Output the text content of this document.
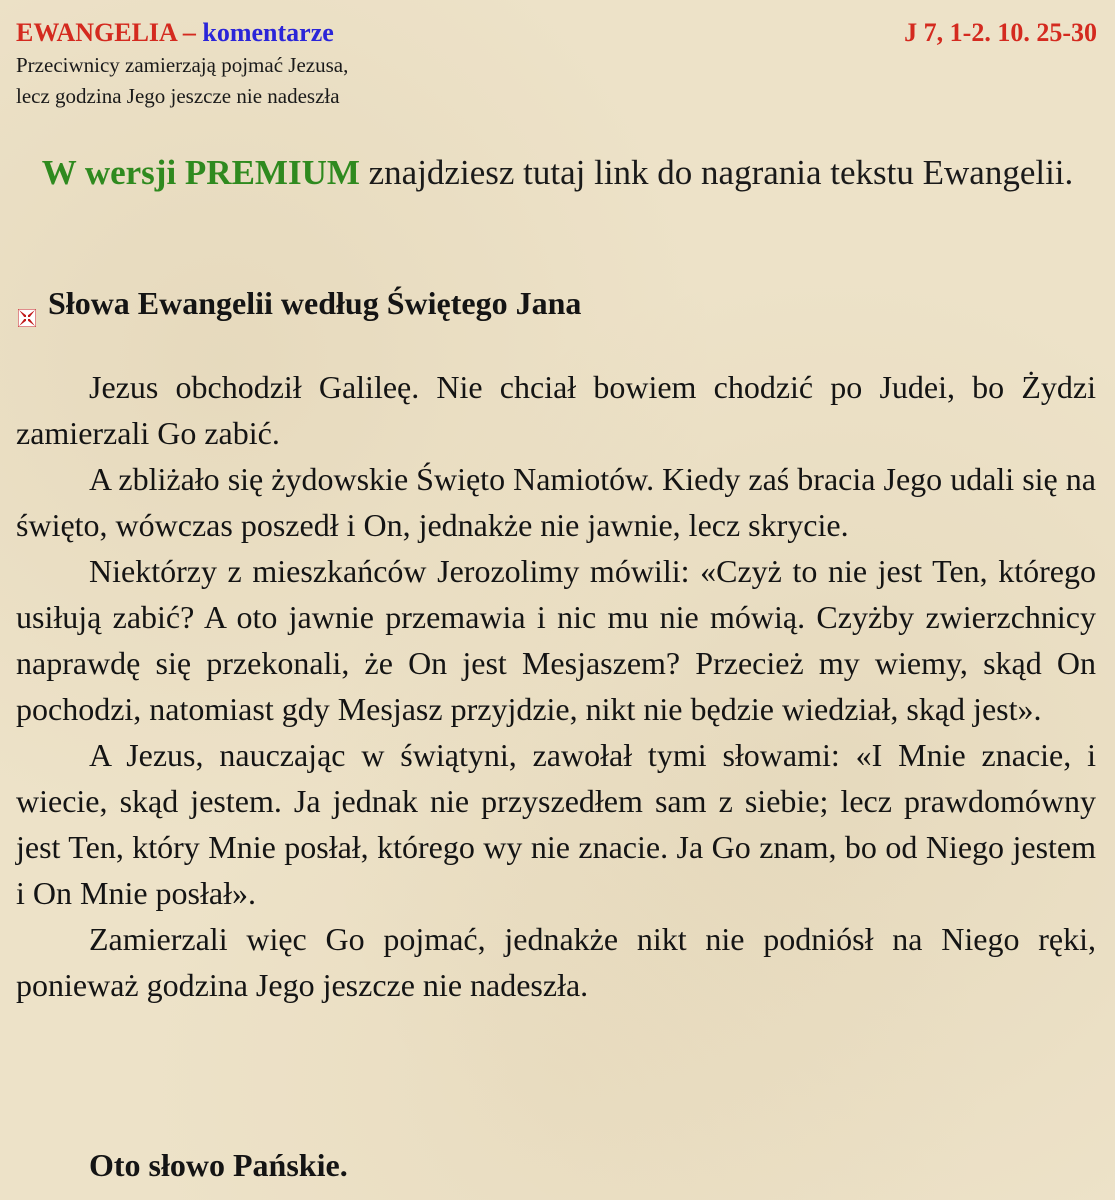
EWANGELIA – komentarze	J 7, 1-2. 10. 25-30
Przeciwnicy zamierzają pojmać Jezusa,
lecz godzina Jego jeszcze nie nadeszła
W wersji PREMIUM znajdziesz tutaj link do nagrania tekstu Ewangelii.
Słowa Ewangelii według Świętego Jana

Jezus obchodził Galileę. Nie chciał bowiem chodzić po Judei, bo Żydzi zamierzali Go zabić.

A zbliżało się żydowskie Święto Namiotów. Kiedy zaś bracia Jego udali się na święto, wówczas poszedł i On, jednakże nie jawnie, lecz skrycie.

Niektórzy z mieszkańców Jerozolimy mówili: «Czyż to nie jest Ten, którego usiłują zabić? A oto jawnie przemawia i nic mu nie mówią. Czyżby zwierzchnicy naprawdę się przekonali, że On jest Mesjaszem? Przecież my wiemy, skąd On pochodzi, natomiast gdy Mesjasz przyjdzie, nikt nie będzie wiedział, skąd jest».

A Jezus, nauczając w świątyni, zawołał tymi słowami: «I Mnie znacie, i wiecie, skąd jestem. Ja jednak nie przyszedłem sam z siebie; lecz prawdomówny jest Ten, który Mnie posłał, którego wy nie znacie. Ja Go znam, bo od Niego jestem i On Mnie posłał».

Zamierzali więc Go pojmać, jednakże nikt nie podniósł na Niego ręki, ponieważ godzina Jego jeszcze nie nadeszła.

Oto słowo Pańskie.
